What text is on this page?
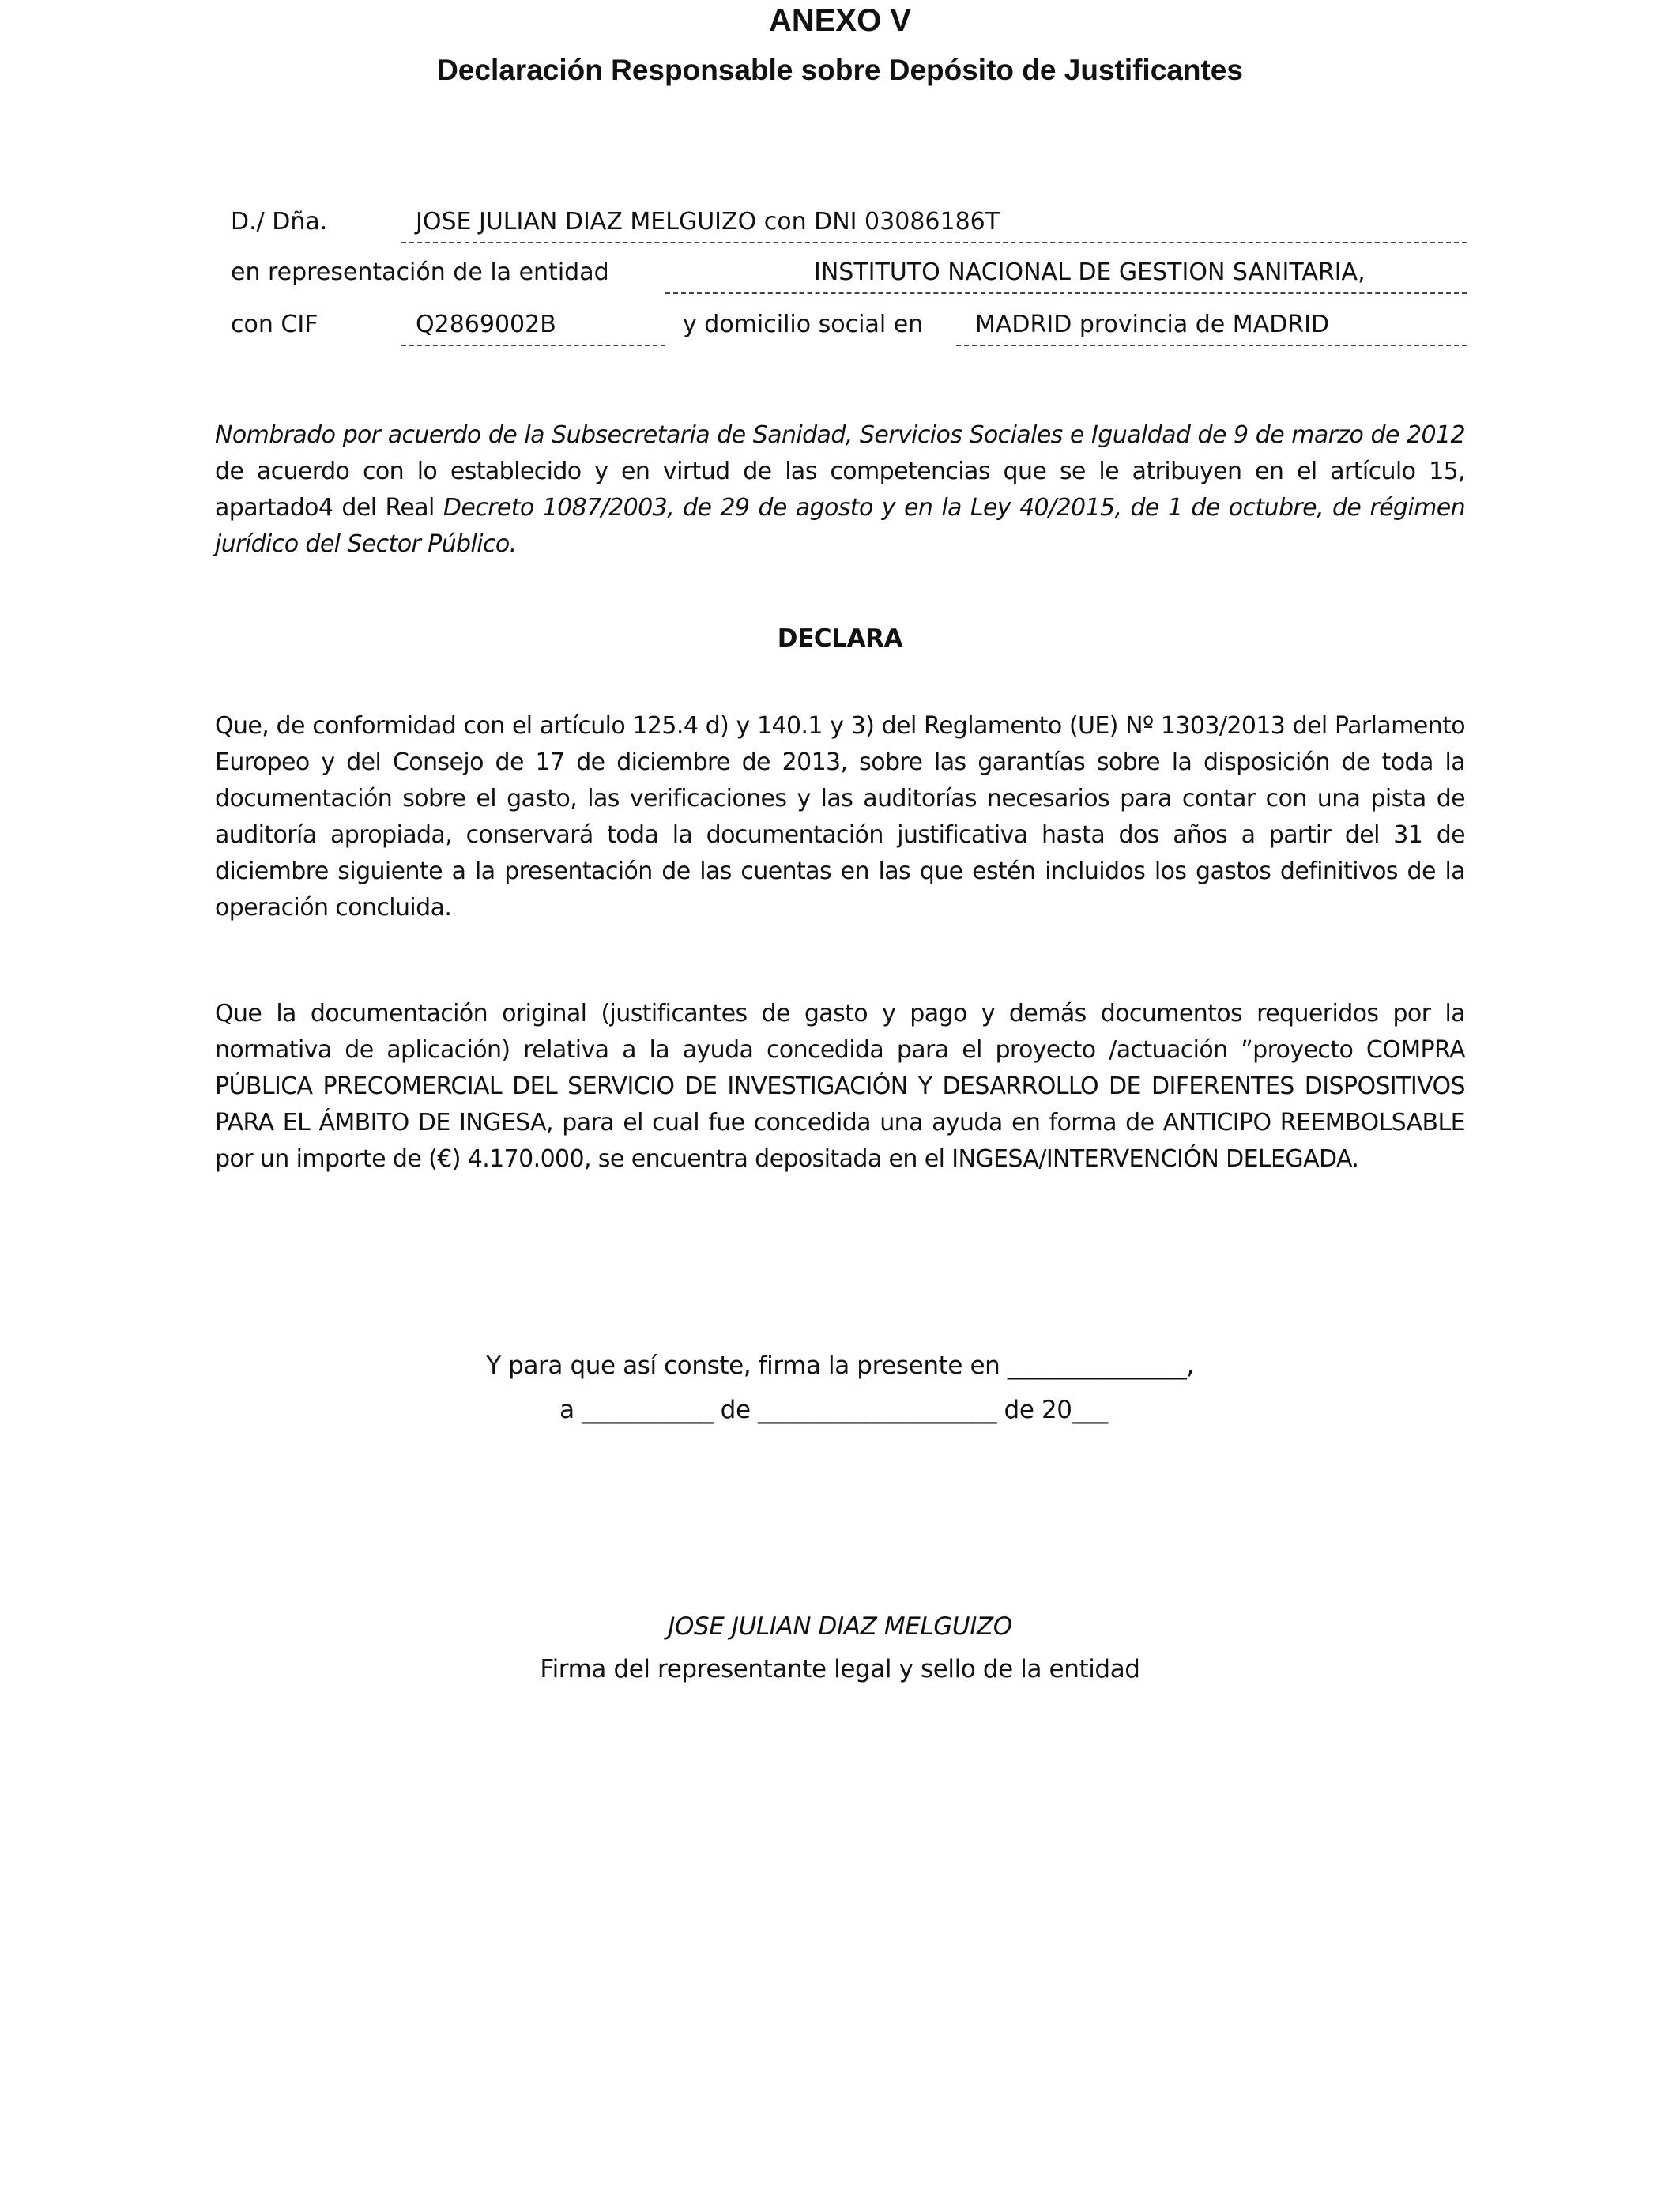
ANEXO V
Declaración Responsable sobre Depósito de Justificantes
D./ Dña.	JOSE JULIAN DIAZ MELGUIZO con DNI 03086186T
en representación de la entidad	INSTITUTO NACIONAL DE GESTION SANITARIA,
con CIF	Q2869002B	y domicilio social en MADRID provincia de MADRID
Nombrado por acuerdo de la Subsecretaria de Sanidad, Servicios Sociales e Igualdad de 9 de marzo de 2012 de acuerdo con lo establecido y en virtud de las competencias que se le atribuyen en el artículo 15, apartado4 del Real Decreto 1087/2003, de 29 de agosto y en la Ley 40/2015, de 1 de octubre, de régimen jurídico del Sector Público.
DECLARA
Que, de conformidad con el artículo 125.4 d) y 140.1 y 3) del Reglamento (UE) Nº 1303/2013 del Parlamento Europeo y del Consejo de 17 de diciembre de 2013, sobre las garantías sobre la disposición de toda la documentación sobre el gasto, las verificaciones y las auditorías necesarios para contar con una pista de auditoría apropiada, conservará toda la documentación justificativa hasta dos años a partir del 31 de diciembre siguiente a la presentación de las cuentas en las que estén incluidos los gastos definitivos de la operación concluida.
Que la documentación original (justificantes de gasto y pago y demás documentos requeridos por la normativa de aplicación) relativa a la ayuda concedida para el proyecto /actuación ”proyecto COMPRA PÚBLICA PRECOMERCIAL DEL SERVICIO DE INVESTIGACIÓN Y DESARROLLO DE DIFERENTES DISPOSITIVOS PARA EL ÁMBITO DE INGESA, para el cual fue concedida una ayuda en forma de ANTICIPO REEMBOLSABLE por un importe de (€) 4.170.000, se encuentra depositada en el INGESA/INTERVENCIÓN DELEGADA.
Y para que así conste, firma la presente en _______________,
a ___________ de ____________________ de 20___
JOSE JULIAN DIAZ MELGUIZO
Firma del representante legal y sello de la entidad
